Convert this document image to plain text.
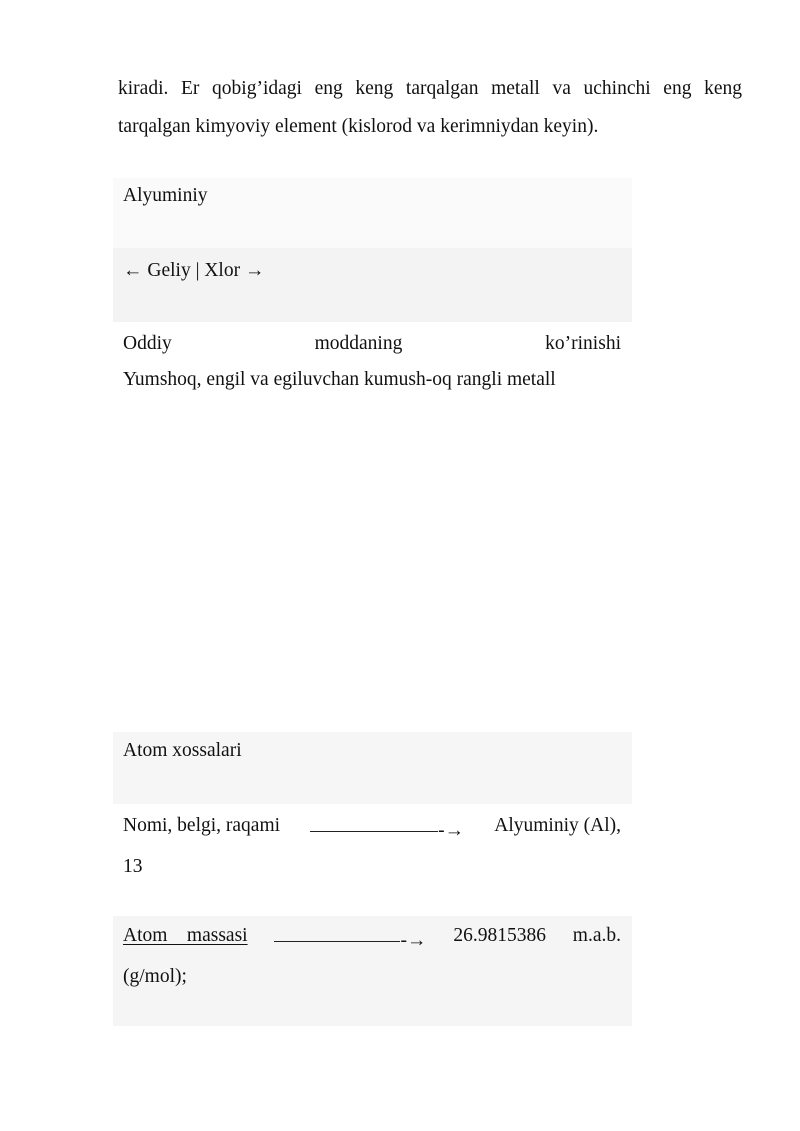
kiradi. Er qobig’idagi eng keng tarqalgan metall va uchinchi eng keng
tarqalgan kimyoviy element (kislorod va kerimniydan keyin).
Alyuminiy
← Geliy | Xlor →
Oddiy	moddaning	ko’rinishi
Yumshoq, engil va egiluvchan kumush-oq rangli metall
Atom xossalari
Nomi, belgi, raqami	-→ Alyuminiy (Al),
13
Atom    massasi	-→ 26.9815386 m.a.b.
(g/mol);
